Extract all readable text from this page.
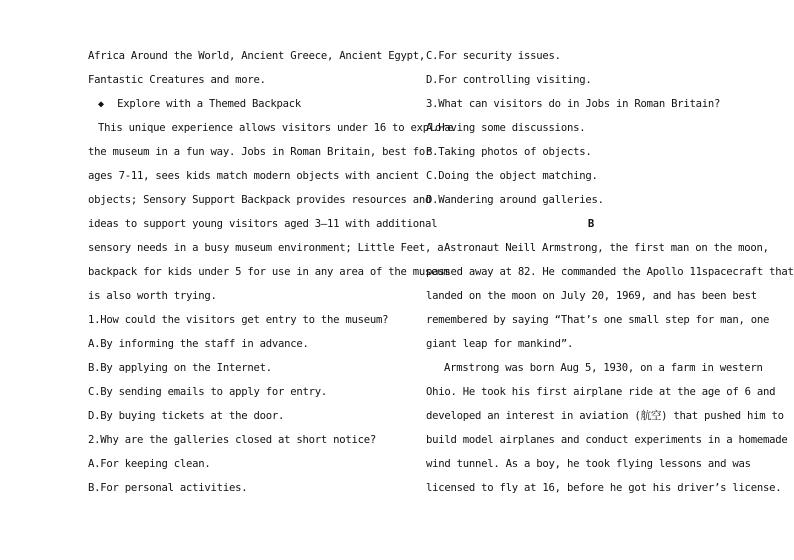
Africa Around the World, Ancient Greece, Ancient Egypt,
Fantastic Creatures and more.
◆ Explore with a Themed Backpack
This unique experience allows visitors under 16 to explore
the museum in a fun way. Jobs in Roman Britain, best for
ages 7-11, sees kids match modern objects with ancient
objects; Sensory Support Backpack provides resources and
ideas to support young visitors aged 3–11 with additional
sensory needs in a busy museum environment; Little Feet, a
backpack for kids under 5 for use in any area of the museum
is also worth trying.
1.How could the visitors get entry to the museum?
A.By informing the staff in advance.
B.By applying on the Internet.
C.By sending emails to apply for entry.
D.By buying tickets at the door.
2.Why are the galleries closed at short notice?
A.For keeping clean.
B.For personal activities.
C.For security issues.
D.For controlling visiting.
3.What can visitors do in Jobs in Roman Britain?
A.Having some discussions.
B.Taking photos of objects.
C.Doing the object matching.
D.Wandering around galleries.
B
Astronaut Neill Armstrong, the first man on the moon,
passed away at 82. He commanded the Apollo 11spacecraft that
landed on the moon on July 20, 1969, and has been best
remembered by saying “That’s one small step for man, one
giant leap for mankind”.
Armstrong was born Aug 5, 1930, on a farm in western
Ohio. He took his first airplane ride at the age of 6 and
developed an interest in aviation (航空) that pushed him to
build model airplanes and conduct experiments in a homemade
wind tunnel. As a boy, he took flying lessons and was
licensed to fly at 16, before he got his driver’s license.
